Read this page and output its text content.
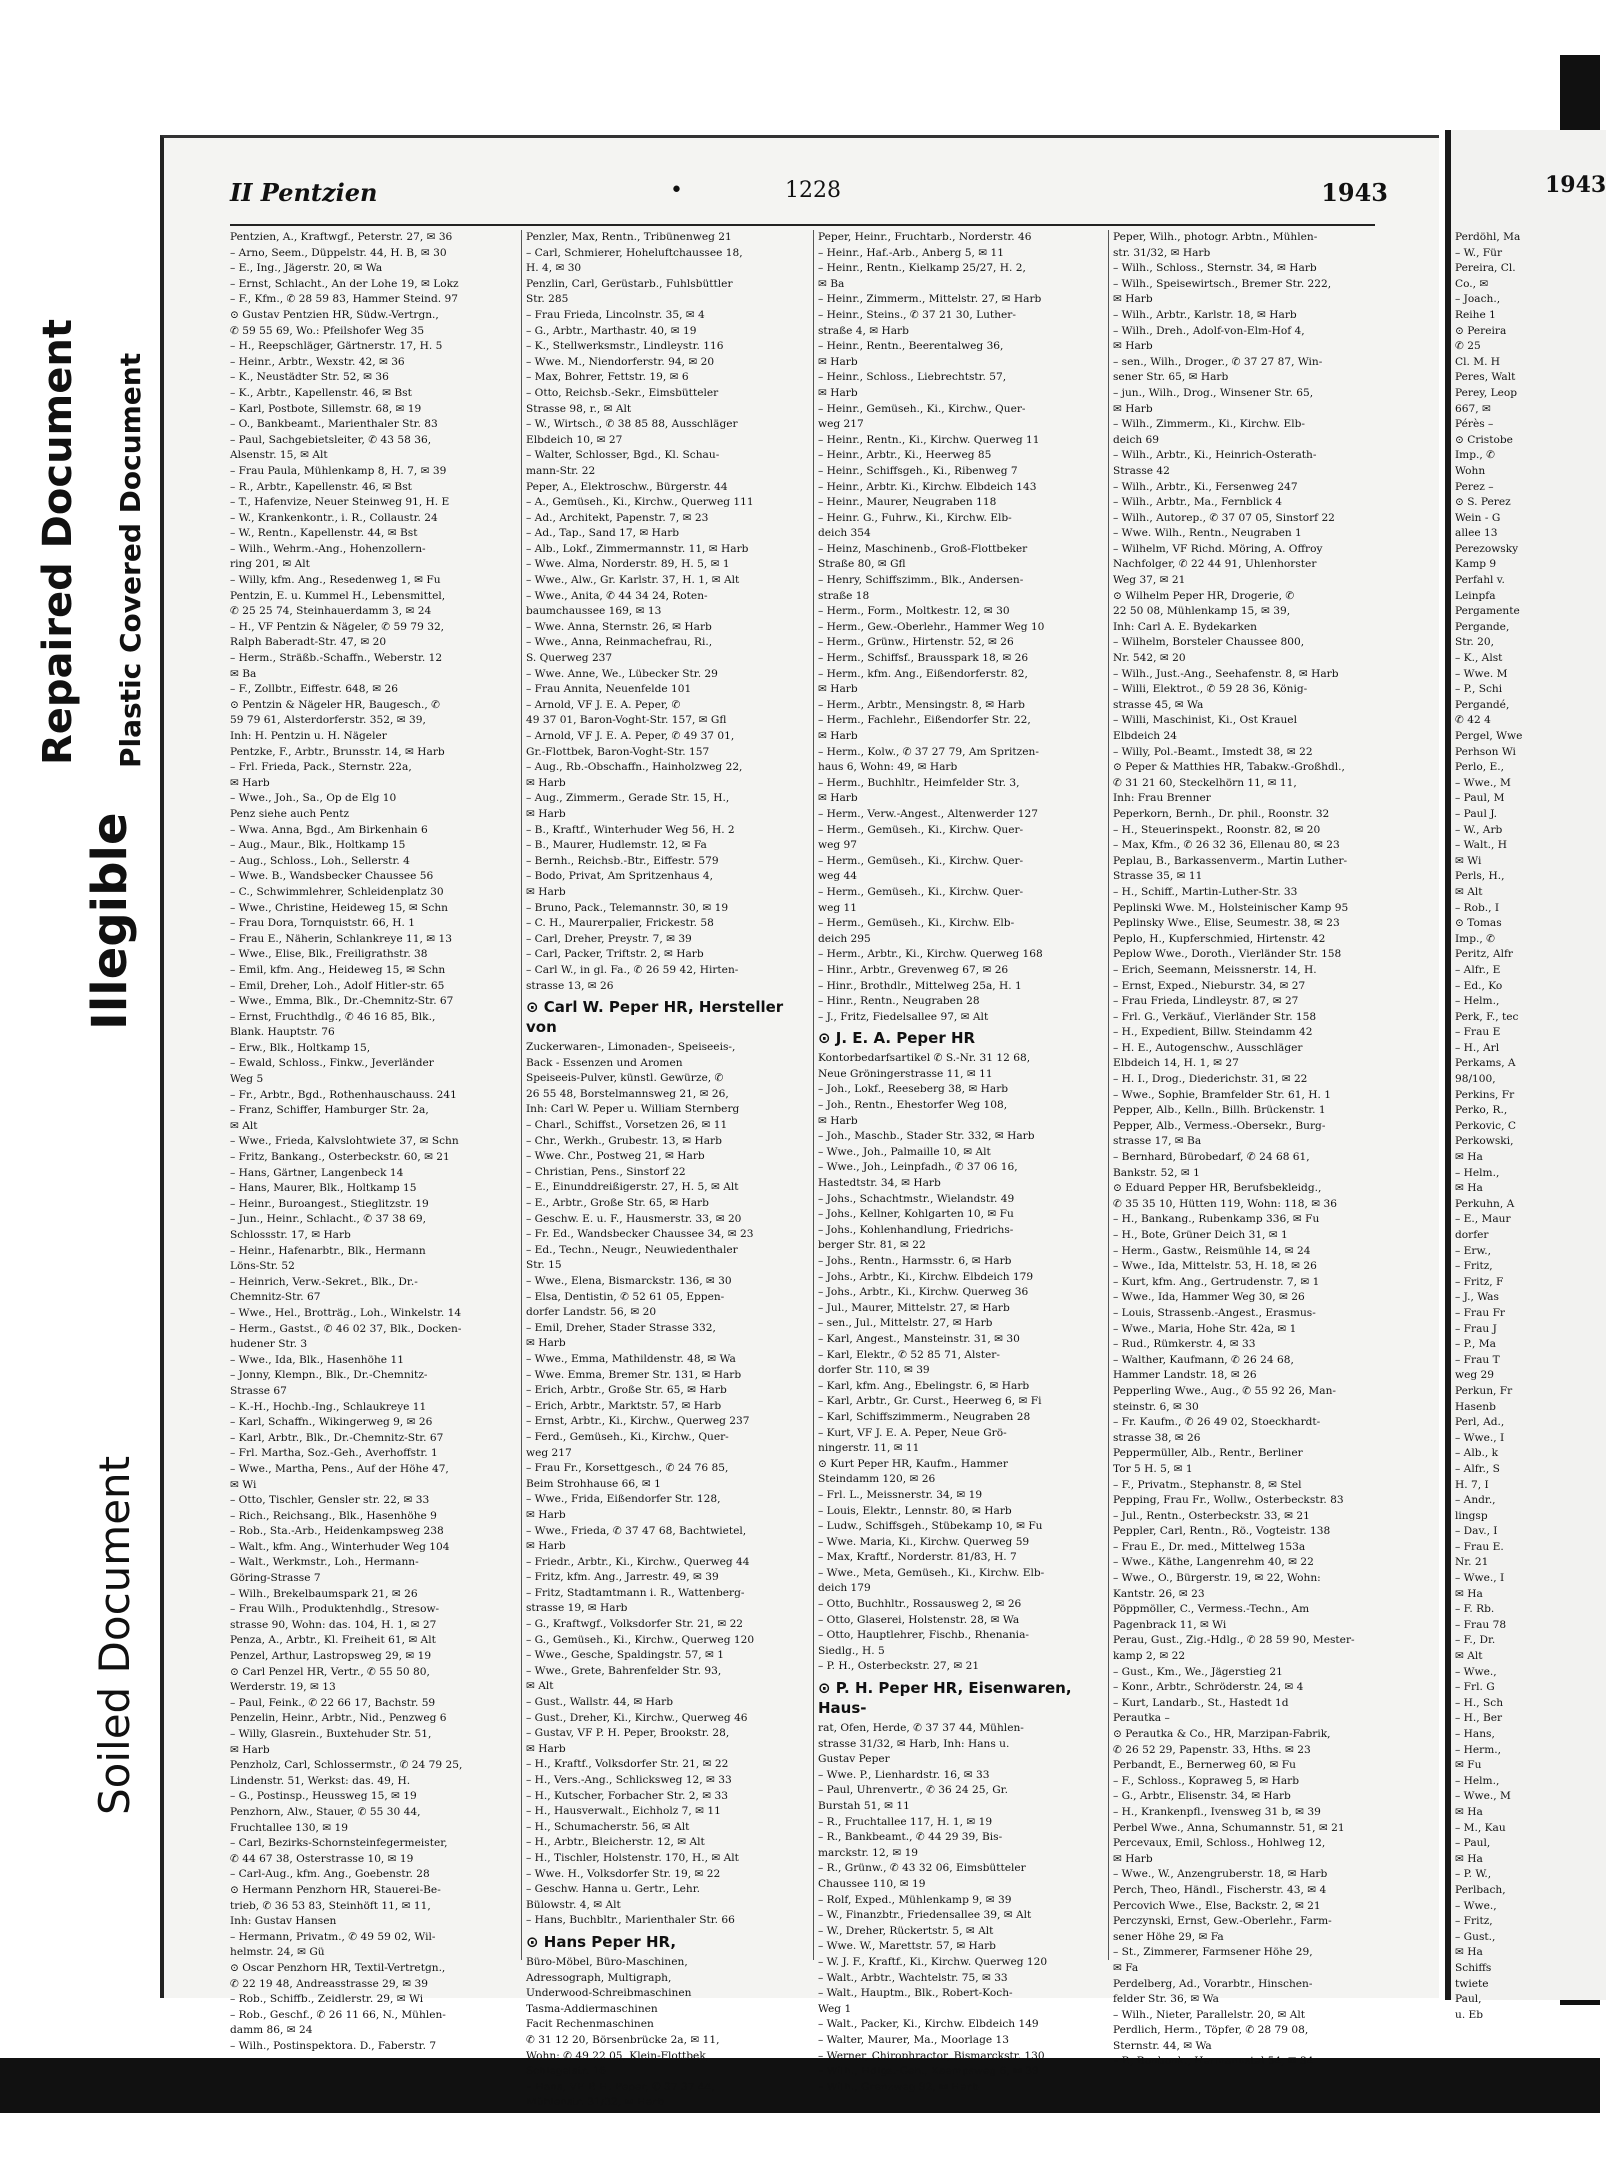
Repaired Document Plastic Covered Document
Illegible
Soiled Document
II Pentzien	•	1228	1943
Pentzien, A., Kraftwgf., Peterstr. 27, ✉ 36
– Arno, Seem., Düppelstr. 44, H. B, ✉ 30
– E., Ing., Jägerstr. 20, ✉ Wa
– Ernst, Schlacht., An der Lohe 19, ✉ Lokz
– F., Kfm., ✆ 28 59 83, Hammer Steind. 97
⊙ Gustav Pentzien HR, Südw.-Vertrgn.,
✆ 59 55 69, Wo.: Pfeilshofer Weg 35
– H., Reepschläger, Gärtnerstr. 17, H. 5
– Heinr., Arbtr., Wexstr. 42, ✉ 36
– K., Neustädter Str. 52, ✉ 36
– K., Arbtr., Kapellenstr. 46, ✉ Bst
– Karl, Postbote, Sillemstr. 68, ✉ 19
– O., Bankbeamt., Marienthaler Str. 83
– Paul, Sachgebietsleiter, ✆ 43 58 36,
Alsenstr. 15, ✉ Alt
– Frau Paula, Mühlenkamp 8, H. 7, ✉ 39
– R., Arbtr., Kapellenstr. 46, ✉ Bst
– T., Hafenvize, Neuer Steinweg 91, H. E
– W., Krankenkontr., i. R., Collaustr. 24
– W., Rentn., Kapellenstr. 44, ✉ Bst
– Wilh., Wehrm.-Ang., Hohenzollern-
ring 201, ✉ Alt
– Willy, kfm. Ang., Resedenweg 1, ✉ Fu
Pentzin, E. u. Kummel H., Lebensmittel,
✆ 25 25 74, Steinhauerdamm 3, ✉ 24
– H., ⅤF Pentzin & Nägeler, ✆ 59 79 32,
Ralph Baberadt-Str. 47, ✉ 20
– Herm., Sträßb.-Schaffn., Weberstr. 12
✉ Ba
– F., Zollbtr., Eiffestr. 648, ✉ 26
⊙ Pentzin & Nägeler HR, Baugesch., ✆
59 79 61, Alsterdorferstr. 352, ✉ 39,
Inh: H. Pentzin u. H. Nägeler
Pentzke, F., Arbtr., Brunsstr. 14, ✉ Harb
– Frl. Frieda, Pack., Sternstr. 22a,
✉ Harb
– Wwe., Joh., Sa., Op de Elg 10
Penz siehe auch Pentz
– Wwa. Anna, Bgd., Am Birkenhain 6
– Aug., Maur., Blk., Holtkamp 15
– Aug., Schloss., Loh., Sellerstr. 4
– Wwe. B., Wandsbecker Chaussee 56
– C., Schwimmlehrer, Schleidenplatz 30
– Wwe., Christine, Heideweg 15, ✉ Schn
– Frau Dora, Tornquiststr. 66, H. 1
– Frau E., Näherin, Schlankreye 11, ✉ 13
– Wwe., Elise, Blk., Freiligrathstr. 38
– Emil, kfm. Ang., Heideweg 15, ✉ Schn
– Emil, Dreher, Loh., Adolf Hitler-str. 65
– Wwe., Emma, Blk., Dr.-Chemnitz-Str. 67
– Ernst, Fruchthdlg., ✆ 46 16 85, Blk.,
Blank. Hauptstr. 76
– Erw., Blk., Holtkamp 15,
– Ewald, Schloss., Finkw., Jeverländer
Weg 5
– Fr., Arbtr., Bgd., Rothenhauschauss. 241
– Franz, Schiffer, Hamburger Str. 2a,
✉ Alt
– Wwe., Frieda, Kalvslohtwiete 37, ✉ Schn
– Fritz, Bankang., Osterbeckstr. 60, ✉ 21
– Hans, Gärtner, Langenbeck 14
– Hans, Maurer, Blk., Holtkamp 15
– Heinr., Buroangest., Stieglitzstr. 19
– Jun., Heinr., Schlacht., ✆ 37 38 69,
Schlossstr. 17, ✉ Harb
– Heinr., Hafenarbtr., Blk., Hermann
Löns-Str. 52
– Heinrich, Verw.-Sekret., Blk., Dr.-
Chemnitz-Str. 67
– Wwe., Hel., Brotträg., Loh., Winkelstr. 14
– Herm., Gastst., ✆ 46 02 37, Blk., Docken-
hudener Str. 3
– Wwe., Ida, Blk., Hasenhöhe 11
– Jonny, Klempn., Blk., Dr.-Chemnitz-
Strasse 67
– K.-H., Hochb.-Ing., Schlaukreye 11
– Karl, Schaffn., Wikingerweg 9, ✉ 26
– Karl, Arbtr., Blk., Dr.-Chemnitz-Str. 67
– Frl. Martha, Soz.-Geh., Averhoffstr. 1
– Wwe., Martha, Pens., Auf der Höhe 47,
✉ Wi
– Otto, Tischler, Gensler str. 22, ✉ 33
– Rich., Reichsang., Blk., Hasenhöhe 9
– Rob., Sta.-Arb., Heidenkampsweg 238
– Walt., kfm. Ang., Winterhuder Weg 104
– Walt., Werkmstr., Loh., Hermann-
Göring-Strasse 7
– Wilh., Brekelbaumspark 21, ✉ 26
– Frau Wilh., Produktenhdlg., Stresow-
strasse 90, Wohn: das. 104, H. 1, ✉ 27
Penza, A., Arbtr., Kl. Freiheit 61, ✉ Alt
Penzel, Arthur, Lastropsweg 29, ✉ 19
⊙ Carl Penzel HR, Vertr., ✆ 55 50 80,
Werderstr. 19, ✉ 13
– Paul, Feink., ✆ 22 66 17, Bachstr. 59
Penzelin, Heinr., Arbtr., Nid., Penzweg 6
– Willy, Glasrein., Buxtehuder Str. 51,
✉ Harb
Penzholz, Carl, Schlossermstr., ✆ 24 79 25,
Lindenstr. 51, Werkst: das. 49, H.
– G., Postinsp., Heussweg 15, ✉ 19
Penzhorn, Alw., Stauer, ✆ 55 30 44,
Fruchtallee 130, ✉ 19
– Carl, Bezirks-Schornsteinfegermeister,
✆ 44 67 38, Osterstrasse 10, ✉ 19
– Carl-Aug., kfm. Ang., Goebenstr. 28
⊙ Hermann Penzhorn HR, Stauerei-Be-
trieb, ✆ 36 53 83, Steinhöft 11, ✉ 11,
Inh: Gustav Hansen
– Hermann, Privatm., ✆ 49 59 02, Wil-
helmstr. 24, ✉ Gü
⊙ Oscar Penzhorn HR, Textil-Vertretgn.,
✆ 22 19 48, Andreasstrasse 29, ✉ 39
– Rob., Schiffb., Zeidlerstr. 29, ✉ Wi
– Rob., Geschf., ✆ 26 11 66, N., Mühlen-
damm 86, ✉ 24
– Wilh., Postinspektora. D., Faberstr. 7
Penzler, Max, Rentn., Tribünenweg 21
– Carl, Schmierer, Hoheluftchaussee 18,
H. 4, ✉ 30
Penzlin, Carl, Gerüstarb., Fuhlsbüttler
Str. 285
– Frau Frieda, Lincolnstr. 35, ✉ 4
– G., Arbtr., Marthastr. 40, ✉ 19
– K., Stellwerksmstr., Lindleystr. 116
– Wwe. M., Niendorferstr. 94, ✉ 20
– Max, Bohrer, Fettstr. 19, ✉ 6
– Otto, Reichsb.-Sekr., Eimsbütteler
Strasse 98, r., ✉ Alt
– W., Wirtsch., ✆ 38 85 88, Ausschläger
Elbdeich 10, ✉ 27
– Walter, Schlosser, Bgd., Kl. Schau-
mann-Str. 22
Peper, A., Elektroschw., Bürgerstr. 44
– A., Gemüseh., Ki., Kirchw., Querweg 111
– Ad., Architekt, Papenstr. 7, ✉ 23
– Ad., Tap., Sand 17, ✉ Harb
– Alb., Lokf., Zimmermannstr. 11, ✉ Harb
– Wwe. Alma, Norderstr. 89, H. 5, ✉ 1
– Wwe., Alw., Gr. Karlstr. 37, H. 1, ✉ Alt
– Wwe., Anita, ✆ 44 34 24, Roten-
baumchaussee 169, ✉ 13
– Wwe. Anna, Sternstr. 26, ✉ Harb
– Wwe., Anna, Reinmachefrau, Ri.,
S. Querweg 237
– Wwe. Anne, We., Lübecker Str. 29
– Frau Annita, Neuenfelde 101
– Arnold, ⅤF J. E. A. Peper, ✆
49 37 01, Baron-Voght-Str. 157, ✉ Gfl
– Arnold, ⅤF J. E. A. Peper, ✆ 49 37 01,
Gr.-Flottbek, Baron-Voght-Str. 157
– Aug., Rb.-Obschaffn., Hainholzweg 22,
✉ Harb
– Aug., Zimmerm., Gerade Str. 15, H.,
✉ Harb
– B., Kraftf., Winterhuder Weg 56, H. 2
– B., Maurer, Hudlemstr. 12, ✉ Fa
– Bernh., Reichsb.-Btr., Eiffestr. 579
– Bodo, Privat, Am Spritzenhaus 4,
✉ Harb
– Bruno, Pack., Telemannstr. 30, ✉ 19
– C. H., Maurerpalier, Frickestr. 58
– Carl, Dreher, Preystr. 7, ✉ 39
– Carl, Packer, Triftstr. 2, ✉ Harb
– Carl W., in gl. Fa., ✆ 26 59 42, Hirten-
strasse 13, ✉ 26
⊙ Carl W. Peper HR, Hersteller von
Zuckerwaren-, Limonaden-, Speiseeis-,
Back - Essenzen und Aromen
Speiseeis-Pulver, künstl. Gewürze, ✆
26 55 48, Borstelmannsweg 21, ✉ 26,
Inh: Carl W. Peper u. William Sternberg
– Charl., Schiffst., Vorsetzen 26, ✉ 11
– Chr., Werkh., Grubestr. 13, ✉ Harb
– Wwe. Chr., Postweg 21, ✉ Harb
– Christian, Pens., Sinstorf 22
– E., Einunddreißigerstr. 27, H. 5, ✉ Alt
– E., Arbtr., Große Str. 65, ✉ Harb
– Geschw. E. u. F., Hausmerstr. 33, ✉ 20
– Fr. Ed., Wandsbecker Chaussee 34, ✉ 23
– Ed., Techn., Neugr., Neuwiedenthaler
Str. 15
– Wwe., Elena, Bismarckstr. 136, ✉ 30
– Elsa, Dentistin, ✆ 52 61 05, Eppen-
dorfer Landstr. 56, ✉ 20
– Emil, Dreher, Stader Strasse 332,
✉ Harb
– Wwe., Emma, Mathildenstr. 48, ✉ Wa
– Wwe. Emma, Bremer Str. 131, ✉ Harb
– Erich, Arbtr., Große Str. 65, ✉ Harb
– Erich, Arbtr., Marktstr. 57, ✉ Harb
– Ernst, Arbtr., Ki., Kirchw., Querweg 237
– Ferd., Gemüseh., Ki., Kirchw., Quer-
weg 217
– Frau Fr., Korsettgesch., ✆ 24 76 85,
Beim Strohhause 66, ✉ 1
– Wwe., Frida, Eißendorfer Str. 128,
✉ Harb
– Wwe., Frieda, ✆ 37 47 68, Bachtwietel,
✉ Harb
– Friedr., Arbtr., Ki., Kirchw., Querweg 44
– Fritz, kfm. Ang., Jarrestr. 49, ✉ 39
– Fritz, Stadtamtmann i. R., Wattenberg-
strasse 19, ✉ Harb
– G., Kraftwgf., Volksdorfer Str. 21, ✉ 22
– G., Gemüseh., Ki., Kirchw., Querweg 120
– Wwe., Gesche, Spaldingstr. 57, ✉ 1
– Wwe., Grete, Bahrenfelder Str. 93,
✉ Alt
– Gust., Wallstr. 44, ✉ Harb
– Gust., Dreher, Ki., Kirchw., Querweg 46
– Gustav, ⅤF P. H. Peper, Brookstr. 28,
✉ Harb
– H., Kraftf., Volksdorfer Str. 21, ✉ 22
– H., Vers.-Ang., Schlicksweg 12, ✉ 33
– H., Kutscher, Forbacher Str. 2, ✉ 33
– H., Hausverwalt., Eichholz 7, ✉ 11
– H., Schumacherstr. 56, ✉ Alt
– H., Arbtr., Bleicherstr. 12, ✉ Alt
– H., Tischler, Holstenstr. 170, H., ✉ Alt
– Wwe. H., Volksdorfer Str. 19, ✉ 22
– Geschw. Hanna u. Gertr., Lehr.
Bülowstr. 4, ✉ Alt
– Hans, Buchbltr., Marienthaler Str. 66
⊙ Hans Peper HR,
Büro-Möbel, Büro-Maschinen,
Adressograph, Multigraph,
Underwood-Schreibmaschinen
Tasma-Addiermaschinen
Facit Rechenmaschinen
✆ 31 12 20, Börsenbrücke 2a, ✉ 11,
Wohn: ✆ 49 22 05, Klein-Flottbek,
Schlegelstr. 16
– Hans, ⅤF P. H. Peper, ✆ 37 37 44,
Mühlenstr. 31/32, ✉ Harb
Peper, Heinr., Fruchtarb., Norderstr. 46
– Heinr., Haf.-Arb., Anberg 5, ✉ 11
– Heinr., Rentn., Kielkamp 25/27, H. 2,
✉ Ba
– Heinr., Zimmerm., Mittelstr. 27, ✉ Harb
– Heinr., Steins., ✆ 37 21 30, Luther-
straße 4, ✉ Harb
– Heinr., Rentn., Beerentalweg 36,
✉ Harb
– Heinr., Schloss., Liebrechtstr. 57,
✉ Harb
– Heinr., Gemüseh., Ki., Kirchw., Quer-
weg 217
– Heinr., Rentn., Ki., Kirchw. Querweg 11
– Heinr., Arbtr., Ki., Heerweg 85
– Heinr., Schiffsgeh., Ki., Ribenweg 7
– Heinr., Arbtr. Ki., Kirchw. Elbdeich 143
– Heinr., Maurer, Neugraben 118
– Heinr. G., Fuhrw., Ki., Kirchw. Elb-
deich 354
– Heinz, Maschinenb., Groß-Flottbeker
Straße 80, ✉ Gfl
– Henry, Schiffszimm., Blk., Andersen-
straße 18
– Herm., Form., Moltkestr. 12, ✉ 30
– Herm., Gew.-Oberlehr., Hammer Weg 10
– Herm., Grünw., Hirtenstr. 52, ✉ 26
– Herm., Schiffsf., Brausspark 18, ✉ 26
– Herm., kfm. Ang., Eißendorferstr. 82,
✉ Harb
– Herm., Arbtr., Mensingstr. 8, ✉ Harb
– Herm., Fachlehr., Eißendorfer Str. 22,
✉ Harb
– Herm., Kolw., ✆ 37 27 79, Am Spritzen-
haus 6, Wohn: 49, ✉ Harb
– Herm., Buchhltr., Heimfelder Str. 3,
✉ Harb
– Herm., Verw.-Angest., Altenwerder 127
– Herm., Gemüseh., Ki., Kirchw. Quer-
weg 97
– Herm., Gemüseh., Ki., Kirchw. Quer-
weg 44
– Herm., Gemüseh., Ki., Kirchw. Quer-
weg 11
– Herm., Gemüseh., Ki., Kirchw. Elb-
deich 295
– Herm., Arbtr., Ki., Kirchw. Querweg 168
– Hinr., Arbtr., Grevenweg 67, ✉ 26
– Hinr., Brothdlr., Mittelweg 25a, H. 1
– Hinr., Rentn., Neugraben 28
– J., Fritz, Fiedelsallee 97, ✉ Alt
⊙ J. E. A. Peper HR
Kontorbedarfsartikel ✆ S.-Nr. 31 12 68,
Neue Gröningerstrasse 11, ✉ 11
– Joh., Lokf., Reeseberg 38, ✉ Harb
– Joh., Rentn., Ehestorfer Weg 108,
✉ Harb
– Joh., Maschb., Stader Str. 332, ✉ Harb
– Wwe., Joh., Palmaille 10, ✉ Alt
– Wwe., Joh., Leinpfadh., ✆ 37 06 16,
Hastedtstr. 34, ✉ Harb
– Johs., Schachtmstr., Wielandstr. 49
– Johs., Kellner, Kohlgarten 10, ✉ Fu
– Johs., Kohlenhandlung, Friedrichs-
berger Str. 81, ✉ 22
– Johs., Rentn., Harmsstr. 6, ✉ Harb
– Johs., Arbtr., Ki., Kirchw. Elbdeich 179
– Johs., Arbtr., Ki., Kirchw. Querweg 36
– Jul., Maurer, Mittelstr. 27, ✉ Harb
– sen., Jul., Mittelstr. 27, ✉ Harb
– Karl, Angest., Mansteinstr. 31, ✉ 30
– Karl, Elektr., ✆ 52 85 71, Alster-
dorfer Str. 110, ✉ 39
– Karl, kfm. Ang., Ebelingstr. 6, ✉ Harb
– Karl, Arbtr., Gr. Curst., Heerweg 6, ✉ Fi
– Karl, Schiffszimmerm., Neugraben 28
– Kurt, ⅤF J. E. A. Peper, Neue Grö-
ningerstr. 11, ✉ 11
⊙ Kurt Peper HR, Kaufm., Hammer
Steindamm 120, ✉ 26
– Frl. L., Meissnerstr. 34, ✉ 19
– Louis, Elektr., Lennstr. 80, ✉ Harb
– Ludw., Schiffsgeh., Stübekamp 10, ✉ Fu
– Wwe. Maria, Ki., Kirchw. Querweg 59
– Max, Kraftf., Norderstr. 81/83, H. 7
– Wwe., Meta, Gemüseh., Ki., Kirchw. Elb-
deich 179
– Otto, Buchhltr., Rossausweg 2, ✉ 26
– Otto, Glaserei, Holstenstr. 28, ✉ Wa
– Otto, Hauptlehrer, Fischb., Rhenania-
Siedlg., H. 5
– P. H., Osterbeckstr. 27, ✉ 21
⊙ P. H. Peper HR, Eisenwaren, Haus-
rat, Ofen, Herde, ✆ 37 37 44, Mühlen-
strasse 31/32, ✉ Harb, Inh: Hans u.
Gustav Peper
– Wwe. P., Lienhardstr. 16, ✉ 33
– Paul, Uhrenvertr., ✆ 36 24 25, Gr.
Burstah 51, ✉ 11
– R., Fruchtallee 117, H. 1, ✉ 19
– R., Bankbeamt., ✆ 44 29 39, Bis-
marckstr. 12, ✉ 19
– R., Grünw., ✆ 43 32 06, Eimsbütteler
Chaussee 110, ✉ 19
– Rolf, Exped., Mühlenkamp 9, ✉ 39
– W., Finanzbtr., Friedensallee 39, ✉ Alt
– W., Dreher, Rückertstr. 5, ✉ Alt
– Wwe. W., Marettstr. 57, ✉ Harb
– W. J. F., Kraftf., Ki., Kirchw. Querweg 120
– Walt., Arbtr., Wachtelstr. 75, ✉ 33
– Walt., Hauptm., Blk., Robert-Koch-
Weg 1
– Walt., Packer, Ki., Kirchw. Elbdeich 149
– Walter, Maurer, Ma., Moorlage 13
– Werner, Chirophractor, Bismarckstr. 130
– Wilh., Hdlgs.-Geh., Kaempsweg 6, ✉ 39
– Wilh., Grenzweg 92, ✉ Harb
Peper, Wilh., photogr. Arbtn., Mühlen-
str. 31/32, ✉ Harb
– Wilh., Schloss., Sternstr. 34, ✉ Harb
– Wilh., Speisewirtsch., Bremer Str. 222,
✉ Harb
– Wilh., Arbtr., Karlstr. 18, ✉ Harb
– Wilh., Dreh., Adolf-von-Elm-Hof 4,
✉ Harb
– sen., Wilh., Droger., ✆ 37 27 87, Win-
sener Str. 65, ✉ Harb
– jun., Wilh., Drog., Winsener Str. 65,
✉ Harb
– Wilh., Zimmerm., Ki., Kirchw. Elb-
deich 69
– Wilh., Arbtr., Ki., Heinrich-Osterath-
Strasse 42
– Wilh., Arbtr., Ki., Fersenweg 247
– Wilh., Arbtr., Ma., Fernblick 4
– Wilh., Autorep., ✆ 37 07 05, Sinstorf 22
– Wwe. Wilh., Rentn., Neugraben 1
– Wilhelm, ⅤF Richd. Möring, A. Offroy
Nachfolger, ✆ 22 44 91, Uhlenhorster
Weg 37, ✉ 21
⊙ Wilhelm Peper HR, Drogerie, ✆
22 50 08, Mühlenkamp 15, ✉ 39,
Inh: Carl A. E. Bydekarken
– Wilhelm, Borsteler Chaussee 800,
Nr. 542, ✉ 20
– Wilh., Just.-Ang., Seehafenstr. 8, ✉ Harb
– Willi, Elektrot., ✆ 59 28 36, König-
strasse 45, ✉ Wa
– Willi, Maschinist, Ki., Ost Krauel
Elbdeich 24
– Willy, Pol.-Beamt., Imstedt 38, ✉ 22
⊙ Peper & Matthies HR, Tabakw.-Großhdl.,
✆ 31 21 60, Steckelhörn 11, ✉ 11,
Inh: Frau Brenner
Peperkorn, Bernh., Dr. phil., Roonstr. 32
– H., Steuerinspekt., Roonstr. 82, ✉ 20
– Max, Kfm., ✆ 26 32 36, Ellenau 80, ✉ 23
Peplau, B., Barkassenverm., Martin Luther-
Strasse 35, ✉ 11
– H., Schiff., Martin-Luther-Str. 33
Peplinski Wwe. M., Holsteinischer Kamp 95
Peplinsky Wwe., Elise, Seumestr. 38, ✉ 23
Peplo, H., Kupferschmied, Hirtenstr. 42
Peplow Wwe., Doroth., Vierländer Str. 158
– Erich, Seemann, Meissnerstr. 14, H.
– Ernst, Exped., Nieburstr. 34, ✉ 27
– Frau Frieda, Lindleystr. 87, ✉ 27
– Frl. G., Verkäuf., Vierländer Str. 158
– H., Expedient, Billw. Steindamm 42
– H. E., Autogenschw., Ausschläger
Elbdeich 14, H. 1, ✉ 27
– H. I., Drog., Diederichstr. 31, ✉ 22
– Wwe., Sophie, Bramfelder Str. 61, H. 1
Pepper, Alb., Kelln., Billh. Brückenstr. 1
Pepper, Alb., Vermess.-Obersekr., Burg-
strasse 17, ✉ Ba
– Bernhard, Bürobedarf, ✆ 24 68 61,
Bankstr. 52, ✉ 1
⊙ Eduard Pepper HR, Berufsbekleidg.,
✆ 35 35 10, Hütten 119, Wohn: 118, ✉ 36
– H., Bankang., Rubenkamp 336, ✉ Fu
– H., Bote, Grüner Deich 31, ✉ 1
– Herm., Gastw., Reismühle 14, ✉ 24
– Wwe., Ida, Mittelstr. 53, H. 18, ✉ 26
– Kurt, kfm. Ang., Gertrudenstr. 7, ✉ 1
– Wwe., Ida, Hammer Weg 30, ✉ 26
– Louis, Strassenb.-Angest., Erasmus-
– Wwe., Maria, Hohe Str. 42a, ✉ 1
– Rud., Rümkerstr. 4, ✉ 33
– Walther, Kaufmann, ✆ 26 24 68,
Hammer Landstr. 18, ✉ 26
Pepperling Wwe., Aug., ✆ 55 92 26, Man-
steinstr. 6, ✉ 30
– Fr. Kaufm., ✆ 26 49 02, Stoeckhardt-
strasse 38, ✉ 26
Peppermüller, Alb., Rentr., Berliner
Tor 5 H. 5, ✉ 1
– F., Privatm., Stephanstr. 8, ✉ Stel
Pepping, Frau Fr., Wollw., Osterbeckstr. 83
– Jul., Rentn., Osterbeckstr. 33, ✉ 21
Peppler, Carl, Rentn., Rö., Vogteistr. 138
– Frau E., Dr. med., Mittelweg 153a
– Wwe., Käthe, Langenrehm 40, ✉ 22
– Wwe., O., Bürgerstr. 19, ✉ 22, Wohn:
Kantstr. 26, ✉ 23
Pöppmöller, C., Vermess.-Techn., Am
Pagenbrack 11, ✉ Wi
Perau, Gust., Zig.-Hdlg., ✆ 28 59 90, Mester-
kamp 2, ✉ 22
– Gust., Km., We., Jägerstieg 21
– Konr., Arbtr., Schröderstr. 24, ✉ 4
– Kurt, Landarb., St., Hastedt 1d
Perautka –
⊙ Perautka & Co., HR, Marzipan-Fabrik,
✆ 26 52 29, Papenstr. 33, Hths. ✉ 23
Perbandt, E., Bernerweg 60, ✉ Fu
– F., Schloss., Kopraweg 5, ✉ Harb
– G., Arbtr., Elisenstr. 34, ✉ Harb
– H., Krankenpfl., Ivensweg 31 b, ✉ 39
Perbel Wwe., Anna, Schumannstr. 51, ✉ 21
Percevaux, Emil, Schloss., Hohlweg 12,
✉ Harb
– Wwe., W., Anzengruberstr. 18, ✉ Harb
Perch, Theo, Händl., Fischerstr. 43, ✉ 4
Percovich Wwe., Else, Backstr. 2, ✉ 21
Perczynski, Ernst, Gew.-Oberlehr., Farm-
sener Höhe 29, ✉ Fa
– St., Zimmerer, Farmsener Höhe 29,
✉ Fa
Perdelberg, Ad., Vorarbtr., Hinschen-
felder Str. 36, ✉ Wa
– Wilh., Nieter, Parallelstr. 20, ✉ Alt
Perdlich, Herm., Töpfer, ✆ 28 79 08,
Sternstr. 44, ✉ Wa
– P., Bonbonk., Hermannstal 54, ✉ 34
1943
Perdöhl, Ma
– W., Für
Pereira, Cl.
Co., ✉
– Joach.,
Reihe 1
⊙ Pereira
✆ 25
Cl. M. H
Peres, Walt
Perey, Leop
667, ✉
Pérès –
⊙ Cristobe
Imp., ✆
Wohn
Perez –
⊙ S. Perez
Wein - G
allee 13
Perezowsky
Kamp 9
Perfahl v.
Leinpfa
Pergamente
Pergande,
Str. 20,
– K., Alst
– Wwe. M
– P., Schi
Pergandé,
✆ 42 4
Pergel, Wwe
Perhson Wi
Perlo, E.,
– Wwe., M
– Paul, M
– Paul J.
– W., Arb
– Walt., H
✉ Wi
Perls, H.,
✉ Alt
– Rob., I
⊙ Tomas
Imp., ✆
Peritz, Alfr
– Alfr., E
– Ed., Ko
– Helm.,
Perk, F., tec
– Frau E
– H., Arl
Perkams, A
98/100,
Perkins, Fr
Perko, R.,
Perkovic, C
Perkowski,
✉ Ha
– Helm.,
✉ Ha
Perkuhn, A
– E., Maur
dorfer
– Erw.,
– Fritz,
– Fritz, F
– J., Was
– Frau Fr
– Frau J
– P., Ma
– Frau T
weg 29
Perkun, Fr
Hasenb
Perl, Ad.,
– Wwe., I
– Alb., k
– Alfr., S
H. 7, I
– Andr.,
lingsp
– Dav., I
– Frau E.
Nr. 21
– Wwe., I
✉ Ha
– F. Rb.
– Frau 78
– F., Dr.
✉ Alt
– Wwe.,
– Frl. G
– H., Sch
– H., Ber
– Hans,
– Herm.,
✉ Fu
– Helm.,
– Wwe., M
✉ Ha
– M., Kau
– Paul,
✉ Ha
– P. W.,
Perlbach,
– Wwe.,
– Fritz,
– Gust.,
✉ Ha
Schiffs
twiete
Paul,
u. Eb
